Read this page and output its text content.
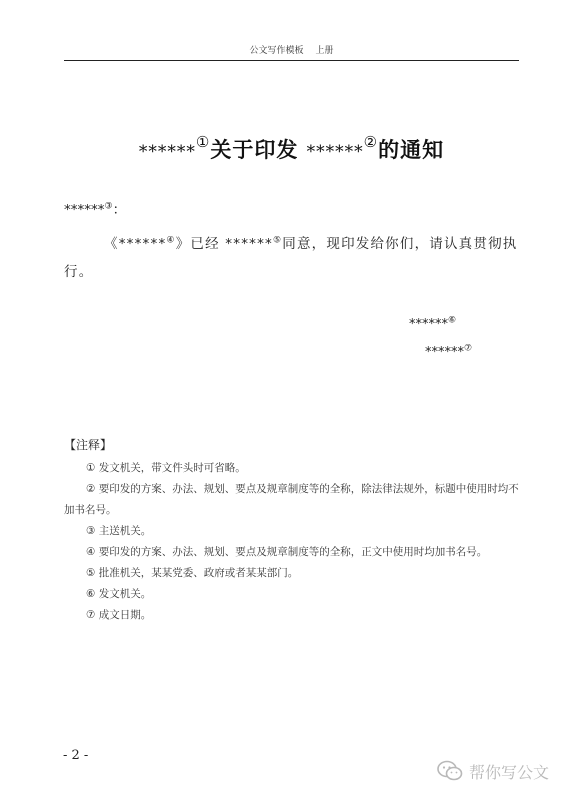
公文写作模板 上册
******①关于印发 ******②的通知
******③：
《******④》已经 ******⑤同意，现印发给你们，请认真贯彻执行。
******⑥
******⑦
【注释】
① 发文机关，带文件头时可省略。
② 要印发的方案、办法、规划、要点及规章制度等的全称，除法律法规外，标题中使用时均不加书名号。
③ 主送机关。
④ 要印发的方案、办法、规划、要点及规章制度等的全称，正文中使用时均加书名号。
⑤ 批准机关，某某党委、政府或者某某部门。
⑥ 发文机关。
⑦ 成文日期。
- 2 -
帮你写公文
